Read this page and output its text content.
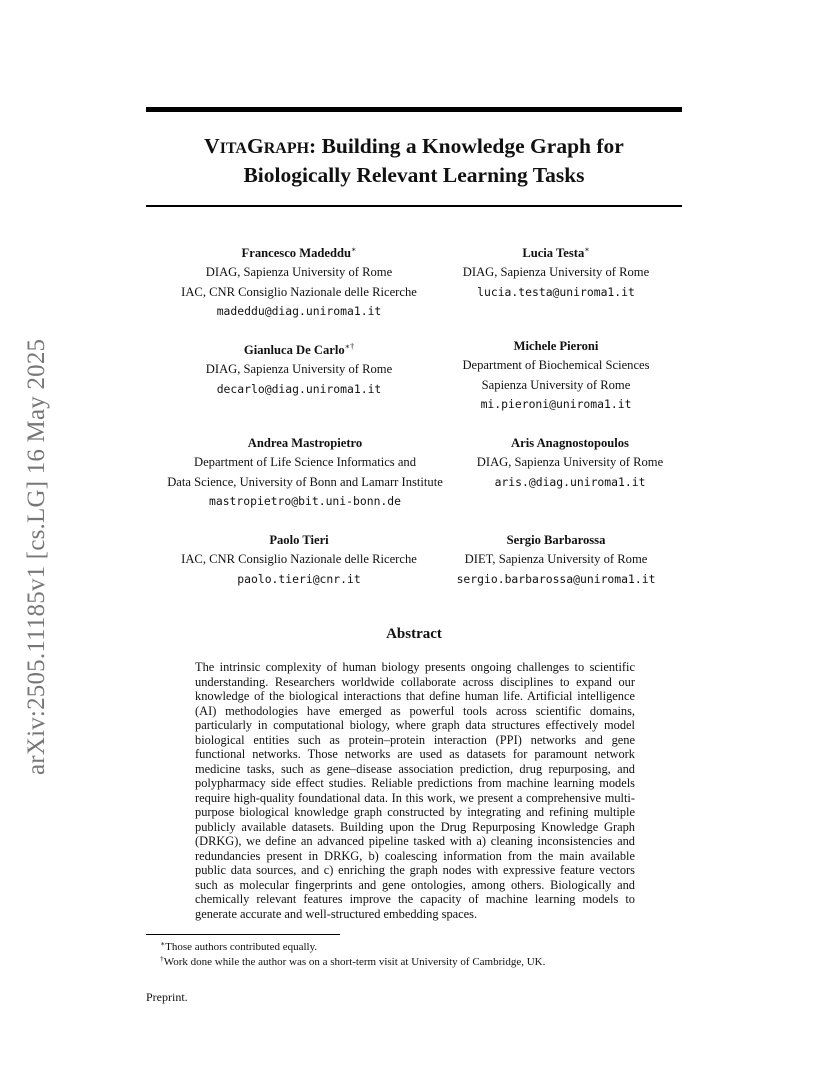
arXiv:2505.11185v1 [cs.LG] 16 May 2025
VITAGRAPH: Building a Knowledge Graph for
Biologically Relevant Learning Tasks
Francesco Madeddu∗
DIAG, Sapienza University of Rome
IAC, CNR Consiglio Nazionale delle Ricerche
madeddu@diag.uniroma1.it
Lucia Testa∗
DIAG, Sapienza University of Rome
lucia.testa@uniroma1.it
Gianluca De Carlo∗†
DIAG, Sapienza University of Rome
decarlo@diag.uniroma1.it
Michele Pieroni
Department of Biochemical Sciences
Sapienza University of Rome
mi.pieroni@uniroma1.it
Andrea Mastropietro
Department of Life Science Informatics and
Data Science, University of Bonn and Lamarr Institute
mastropietro@bit.uni-bonn.de
Aris Anagnostopoulos
DIAG, Sapienza University of Rome
aris.@diag.uniroma1.it
Paolo Tieri
IAC, CNR Consiglio Nazionale delle Ricerche
paolo.tieri@cnr.it
Sergio Barbarossa
DIET, Sapienza University of Rome
sergio.barbarossa@uniroma1.it
Abstract
The intrinsic complexity of human biology presents ongoing challenges to scientific understanding. Researchers worldwide collaborate across disciplines to expand our knowledge of the biological interactions that define human life. Artificial intelligence (AI) methodologies have emerged as powerful tools across scientific domains, particularly in computational biology, where graph data structures effectively model biological entities such as protein–protein interaction (PPI) networks and gene functional networks. Those networks are used as datasets for paramount network medicine tasks, such as gene–disease association prediction, drug repurposing, and polypharmacy side effect studies. Reliable predictions from machine learning models require high-quality foundational data. In this work, we present a comprehensive multi-purpose biological knowledge graph constructed by integrating and refining multiple publicly available datasets. Building upon the Drug Repurposing Knowledge Graph (DRKG), we define an advanced pipeline tasked with a) cleaning inconsistencies and redundancies present in DRKG, b) coalescing information from the main available public data sources, and c) enriching the graph nodes with expressive feature vectors such as molecular fingerprints and gene ontologies, among others. Biologically and chemically relevant features improve the capacity of machine learning models to generate accurate and well-structured embedding spaces.
∗Those authors contributed equally.
†Work done while the author was on a short-term visit at University of Cambridge, UK.
Preprint.
